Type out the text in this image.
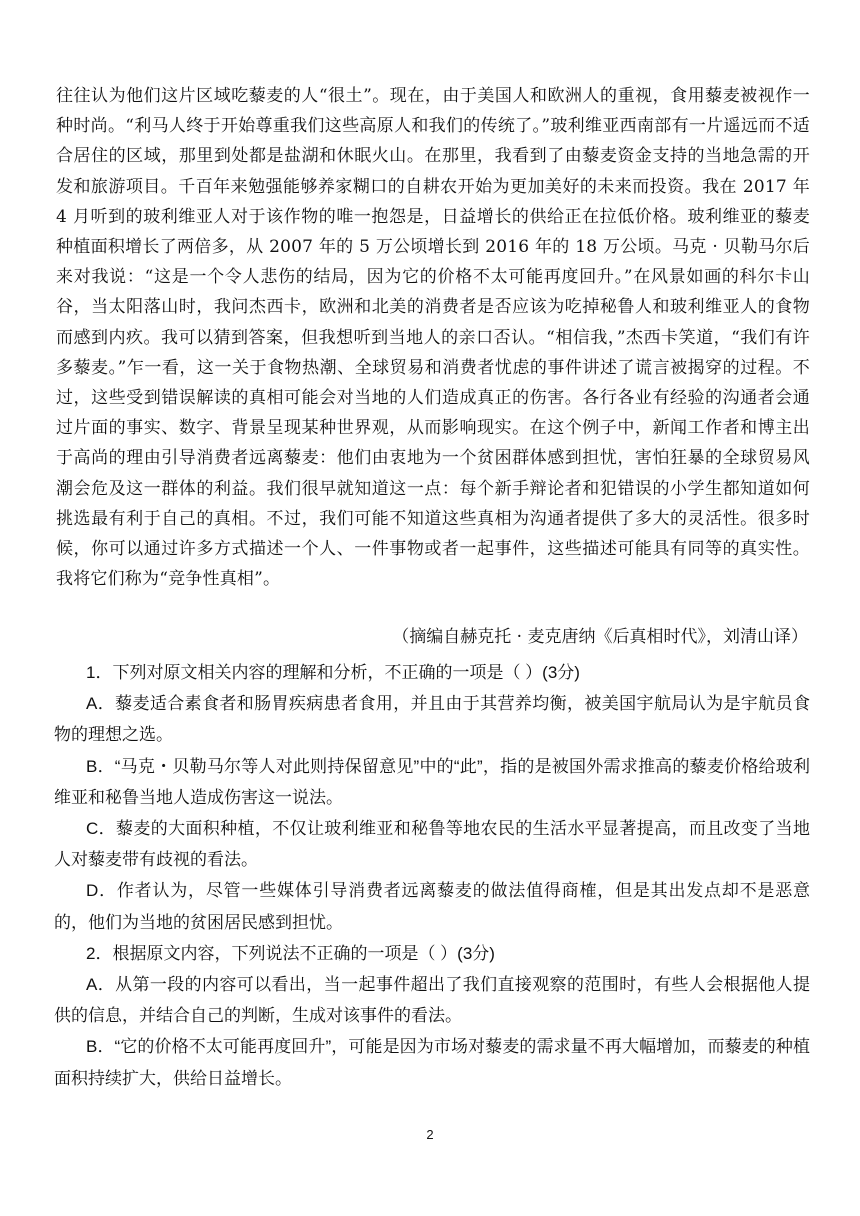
往往认为他们这片区域吃藜麦的人“很土”。现在，由于美国人和欧洲人的重视，食用藜麦被视作一种时尚。“利马人终于开始尊重我们这些高原人和我们的传统了。”玻利维亚西南部有一片遥远而不适合居住的区域，那里到处都是盐湖和休眠火山。在那里，我看到了由藜麦资金支持的当地急需的开发和旅游项目。千百年来勉强能够养家糊口的自耕农开始为更加美好的未来而投资。我在 2017 年 4 月听到的玻利维亚人对于该作物的唯一抱怨是，日益增长的供给正在拉低价格。玻利维亚的藜麦种植面积增长了两倍多，从 2007 年的 5 万公顷增长到 2016 年的 18 万公顷。马克 · 贝勒马尔后来对我说：“这是一个令人悲伤的结局，因为它的价格不太可能再度回升。”在风景如画的科尔卡山谷，当太阳落山时，我问杰西卡，欧洲和北美的消费者是否应该为吃掉秘鲁人和玻利维亚人的食物而感到内疚。我可以猜到答案，但我想听到当地人的亲口否认。“相信我，”杰西卡笑道，“我们有许多藜麦。”乍一看，这一关于食物热潮、全球贸易和消费者忧虑的事件讲述了谎言被揭穿的过程。不过，这些受到错误解读的真相可能会对当地的人们造成真正的伤害。各行各业有经验的沟通者会通过片面的事实、数字、背景呈现某种世界观，从而影响现实。在这个例子中，新闻工作者和博主出于高尚的理由引导消费者远离藜麦：他们由衷地为一个贫困群体感到担忧，害怕狂暴的全球贸易风潮会危及这一群体的利益。我们很早就知道这一点：每个新手辩论者和犯错误的小学生都知道如何挑选最有利于自己的真相。不过，我们可能不知道这些真相为沟通者提供了多大的灵活性。很多时候，你可以通过许多方式描述一个人、一件事物或者一起事件，这些描述可能具有同等的真实性。我将它们称为“竞争性真相”。

（摘编自赫克托 · 麦克唐纳《后真相时代》，刘清山译）

1．下列对原文相关内容的理解和分析，不正确的一项是（ ）(3分)

A．藜麦适合素食者和肠胃疾病患者食用，并且由于其营养均衡，被美国宇航局认为是宇航员食物的理想之选。

B．“马克・贝勒马尔等人对此则持保留意见”中的“此”，指的是被国外需求推高的藜麦价格给玻利维亚和秘鲁当地人造成伤害这一说法。

C．藜麦的大面积种植，不仅让玻利维亚和秘鲁等地农民的生活水平显著提高，而且改变了当地人对藜麦带有歧视的看法。

D．作者认为，尽管一些媒体引导消费者远离藜麦的做法值得商榷，但是其出发点却不是恶意的，他们为当地的贫困居民感到担忧。

2．根据原文内容，下列说法不正确的一项是（ ）(3分)

A．从第一段的内容可以看出，当一起事件超出了我们直接观察的范围时，有些人会根据他人提供的信息，并结合自己的判断，生成对该事件的看法。

B．“它的价格不太可能再度回升”，可能是因为市场对藜麦的需求量不再大幅增加，而藜麦的种植面积持续扩大，供给日益增长。

2
